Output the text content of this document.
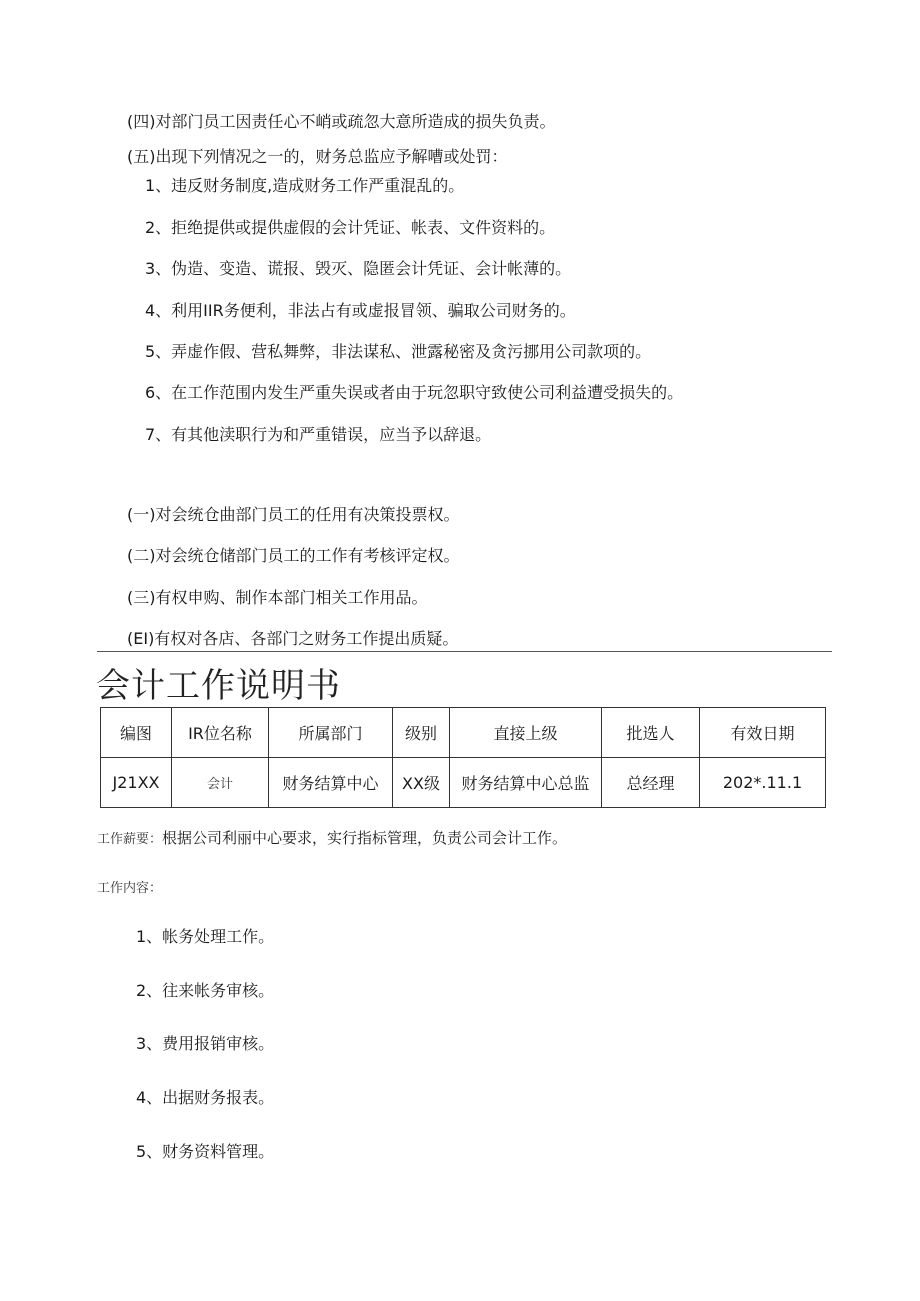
(四)对部门员工因责任心不峭或疏忽大意所造成的损失负责。
(五)出现下列情况之一的，财务总监应予解嘈或处罚：
1、违反财务制度,造成财务工作严重混乱的。
2、拒绝提供或提供虚假的会计凭证、帐表、文件资料的。
3、伪造、变造、谎报、毁灭、隐匿会计凭证、会计帐薄的。
4、利用IIR务便利，非法占有或虚报冒领、骗取公司财务的。
5、弄虚作假、营私舞弊，非法谋私、泄露秘密及贪污挪用公司款项的。
6、在工作范围内发生严重失误或者由于玩忽职守致使公司利益遭受损失的。
7、有其他渎职行为和严重错误，应当予以辞退。
(一)对会统仓曲部门员工的任用有决策投票权。
(二)对会统仓储部门员工的工作有考核评定权。
(三)有权申购、制作本部门相关工作用品。
(EI)有权对各店、各部门之财务工作提出质疑。
会计工作说明书
编图	IR位名称	所属部门	级别	直接上级	批选人	有效日期
J21XX	会计	财务结算中心	XX级	财务结算中心总监	总经理	202*.11.1
工作薪要：根据公司利丽中心要求，实行指标管理，负责公司会计工作。
工作内容：
1、帐务处理工作。
2、往来帐务审核。
3、费用报销审核。
4、出据财务报表。
5、财务资料管理。
